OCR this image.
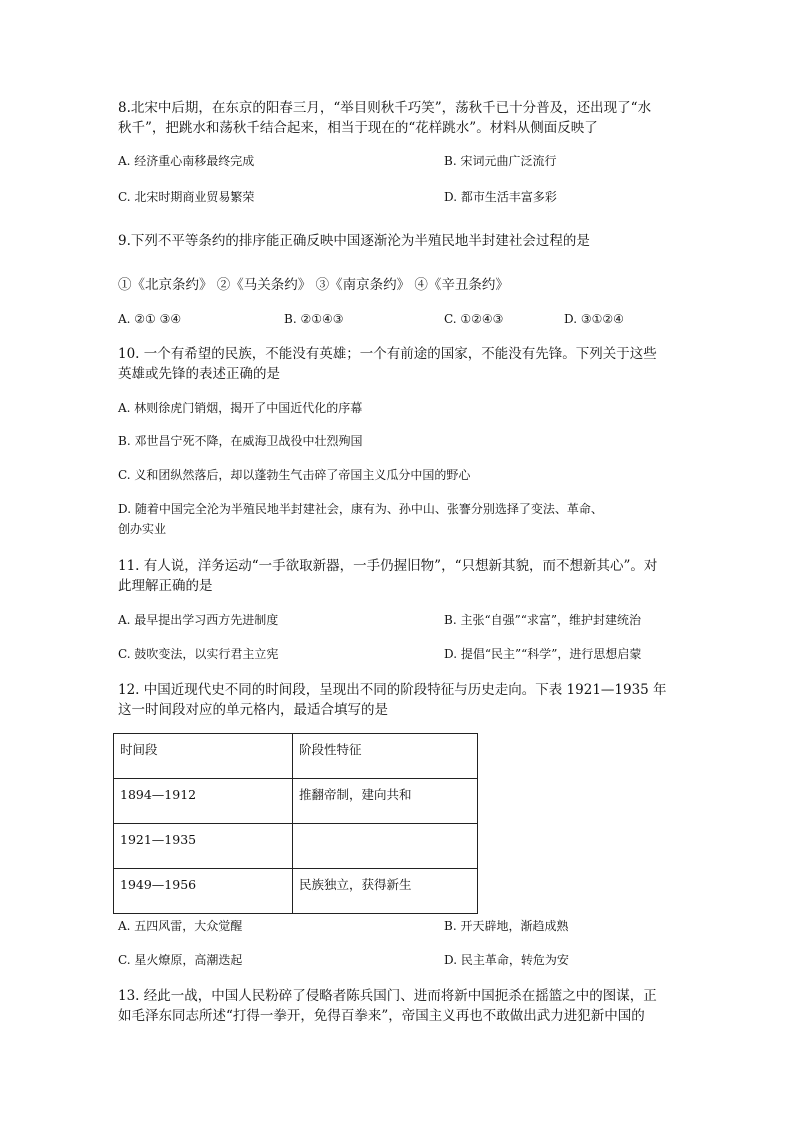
8.北宋中后期，在东京的阳春三月，“举目则秋千巧笑”，荡秋千已十分普及，还出现了“水
秋千”，把跳水和荡秋千结合起来，相当于现在的“花样跳水”。材料从侧面反映了
A. 经济重心南移最终完成	B. 宋词元曲广泛流行
C. 北宋时期商业贸易繁荣	D. 都市生活丰富多彩
9.下列不平等条约的排序能正确反映中国逐渐沦为半殖民地半封建社会过程的是
①《北京条约》 ②《马关条约》 ③《南京条约》 ④《辛丑条约》
A. ②① ③④	B. ②①④③	C. ①②④③	D. ③①②④
10. 一个有希望的民族，不能没有英雄；一个有前途的国家，不能没有先锋。下列关于这些
英雄或先锋的表述正确的是
A. 林则徐虎门销烟，揭开了中国近代化的序幕
B. 邓世昌宁死不降，在威海卫战役中壮烈殉国
C. 义和团纵然落后，却以蓬勃生气击碎了帝国主义瓜分中国的野心
D. 随着中国完全沦为半殖民地半封建社会，康有为、孙中山、张謇分别选择了变法、革命、
创办实业
11. 有人说，洋务运动“一手欲取新器，一手仍握旧物”，“只想新其貌，而不想新其心”。对
此理解正确的是
A. 最早提出学习西方先进制度	B. 主张“自强”“求富”，维护封建统治
C. 鼓吹变法，以实行君主立宪	D. 提倡“民主”“科学”，进行思想启蒙
12. 中国近现代史不同的时间段，呈现出不同的阶段特征与历史走向。下表 1921—1935 年
这一时间段对应的单元格内，最适合填写的是
时间段	阶段性特征

1894—1912	推翻帝制，建向共和

1921—1935	

1949—1956	民族独立，获得新生
A. 五四风雷，大众觉醒	B. 开天辟地，渐趋成熟
C. 星火燎原，高潮迭起	D. 民主革命，转危为安
13. 经此一战，中国人民粉碎了侵略者陈兵国门、进而将新中国扼杀在摇篮之中的图谋，正
如毛泽东同志所述“打得一拳开，免得百拳来”，帝国主义再也不敢做出武力进犯新中国的
